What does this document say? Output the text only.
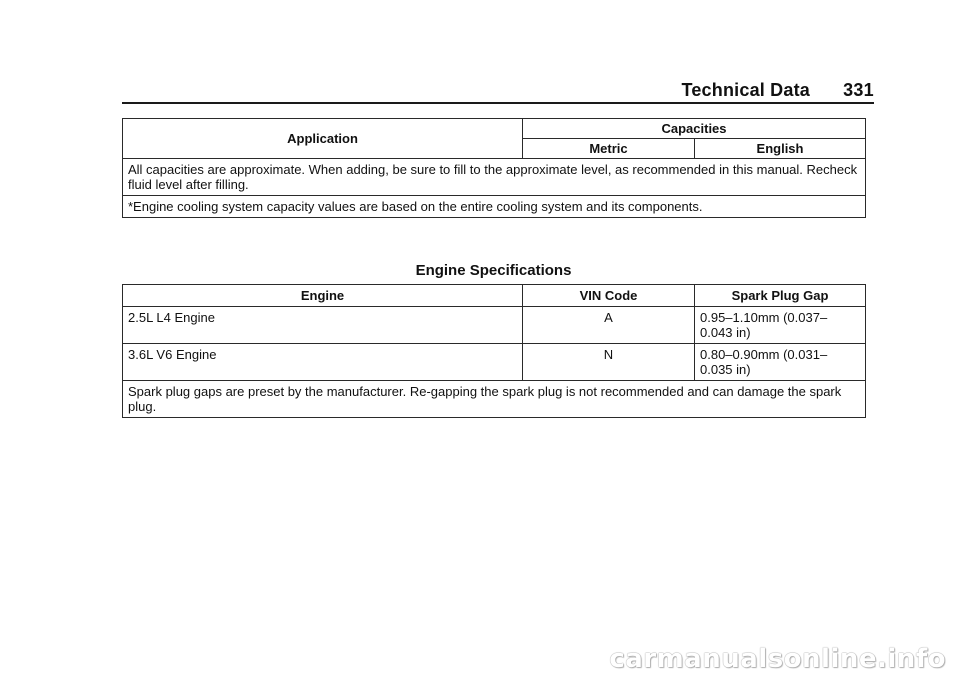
Technical Data 331
Application	Capacities	
	Metric	English
All capacities are approximate. When adding, be sure to fill to the approximate level, as recommended in this manual. Recheck fluid level after filling.		
*Engine cooling system capacity values are based on the entire cooling system and its components.		
Engine Specifications
Engine	VIN Code	Spark Plug Gap
2.5L L4 Engine	A	0.95–1.10mm (0.037–
0.043 in)
3.6L V6 Engine	N	0.80–0.90mm (0.031–
0.035 in)
Spark plug gaps are preset by the manufacturer. Re-gapping the spark plug is not recommended and can damage the spark plug.		
carmanualsonline.info
